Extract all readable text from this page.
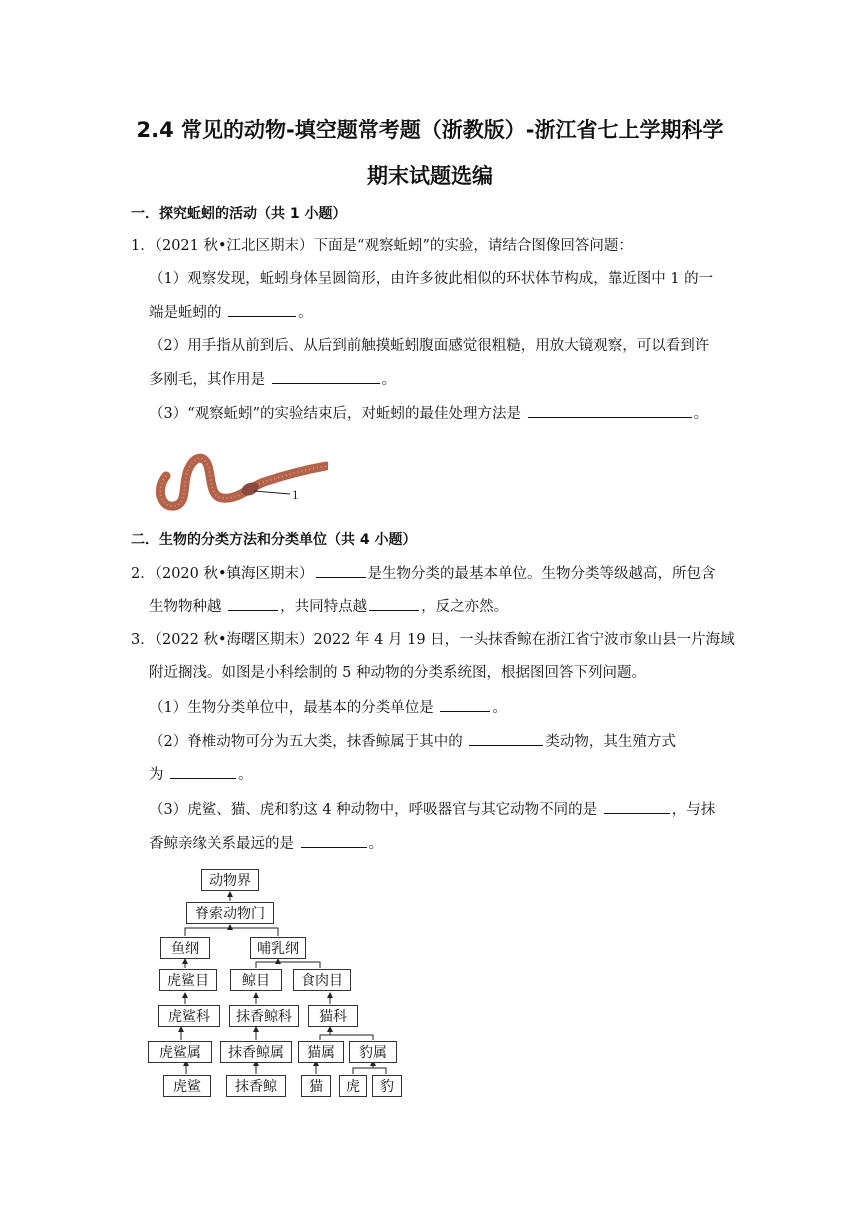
2.4 常见的动物-填空题常考题（浙教版）-浙江省七上学期科学
期末试题选编
一．探究蚯蚓的活动（共 1 小题）
1．（2021 秋•江北区期末）下面是“观察蚯蚓”的实验，请结合图像回答问题：
（1）观察发现，蚯蚓身体呈圆筒形，由许多彼此相似的环状体节构成，靠近图中 1 的一
端是蚯蚓的	。
（2）用手指从前到后、从后到前触摸蚯蚓腹面感觉很粗糙，用放大镜观察，可以看到许
多刚毛，其作用是	。
（3）“观察蚯蚓”的实验结束后，对蚯蚓的最佳处理方法是	。
1
二．生物的分类方法和分类单位（共 4 小题）
2．（2020 秋•镇海区期末）	是生物分类的最基本单位。生物分类等级越高，所包含
生物物种越	，共同特点越	，反之亦然。
3．（2022 秋•海曙区期末）2022 年 4 月 19 日，一头抹香鲸在浙江省宁波市象山县一片海域
附近搁浅。如图是小科绘制的 5 种动物的分类系统图，根据图回答下列问题。
（1）生物分类单位中，最基本的分类单位是	。
（2）脊椎动物可分为五大类，抹香鲸属于其中的	类动物，其生殖方式
为	。
（3）虎鲨、猫、虎和豹这 4 种动物中，呼吸器官与其它动物不同的是	，与抹
香鲸亲缘关系最远的是	。
动物界
脊索动物门
鱼纲	哺乳纲
虎鲨目	鲸目	食肉目
虎鲨科	抹香鲸科	猫科
虎鲨属	抹香鲸属	猫属	豹属
虎鲨	抹香鲸	猫	虎	豹
